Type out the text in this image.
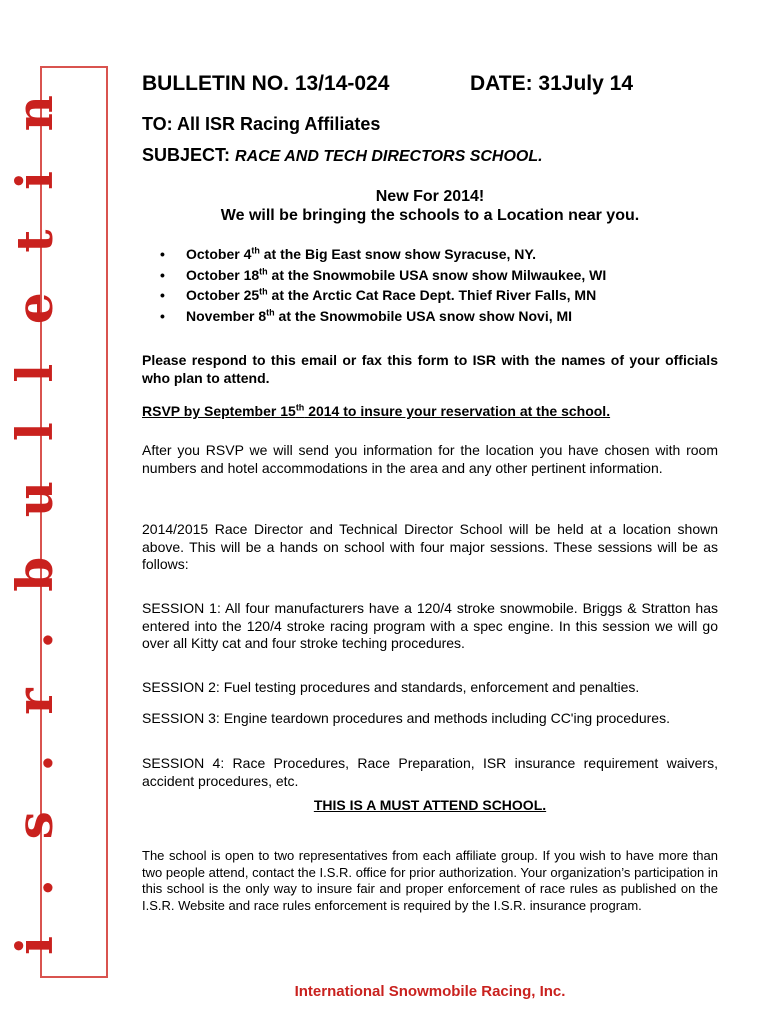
i
.
s
.
r
.
b
u
l
l
e
t
i
n
BULLETIN NO. 13/14-024	DATE: 31July 14
TO: All ISR Racing Affiliates
SUBJECT: RACE AND TECH DIRECTORS SCHOOL.
New For 2014!
We will be bringing the schools to a Location near you.
• October 4th at the Big East snow show Syracuse, NY.
• October 18th at the Snowmobile USA snow show Milwaukee, WI
• October 25th at the Arctic Cat Race Dept. Thief River Falls, MN
• November 8th at the Snowmobile USA snow show Novi, MI
Please respond to this email or fax this form to ISR with the names of your officials who plan to attend.
RSVP by September 15th 2014 to insure your reservation at the school.
After you RSVP we will send you information for the location you have chosen with room numbers and hotel accommodations in the area and any other pertinent information.
2014/2015 Race Director and Technical Director School will be held at a location shown above. This will be a hands on school with four major sessions. These sessions will be as follows:
SESSION 1: All four manufacturers have a 120/4 stroke snowmobile. Briggs & Stratton has entered into the 120/4 stroke racing program with a spec engine. In this session we will go over all Kitty cat and four stroke teching procedures.
SESSION 2: Fuel testing procedures and standards, enforcement and penalties.
SESSION 3: Engine teardown procedures and methods including CC'ing procedures.
SESSION 4: Race Procedures, Race Preparation, ISR insurance requirement waivers, accident procedures, etc.
THIS IS A MUST ATTEND SCHOOL.
The school is open to two representatives from each affiliate group. If you wish to have more than two people attend, contact the I.S.R. office for prior authorization. Your organization’s participation in this school is the only way to insure fair and proper enforcement of race rules as published on the I.S.R. Website and race rules enforcement is required by the I.S.R. insurance program.
International Snowmobile Racing, Inc.
